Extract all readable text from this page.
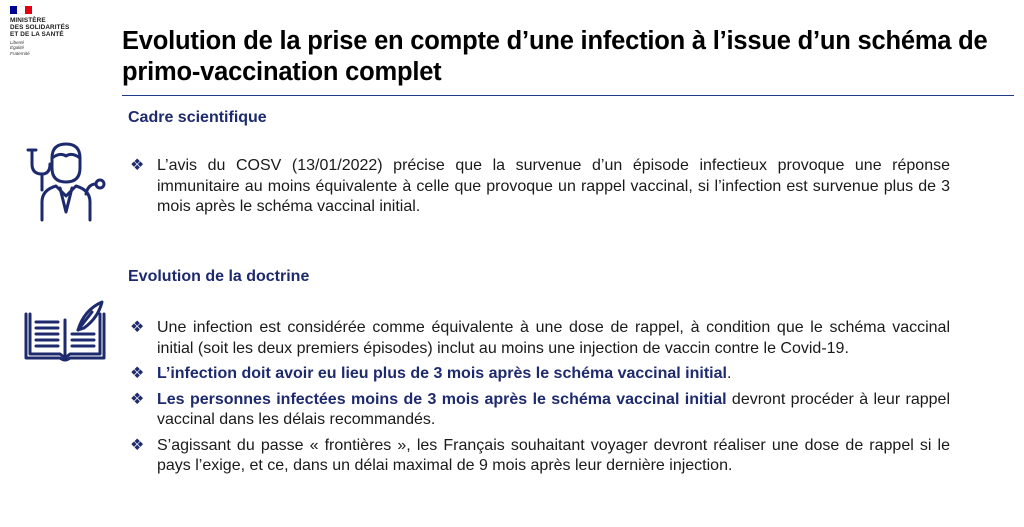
MINISTÈRE
DES SOLIDARITÉS
ET DE LA SANTÉ
Liberté
Égalité
Fraternité	Evolution de la prise en compte d’une infection à l’issue d’un schéma de primo-vaccination complet
Cadre scientifique
❖ L’avis du COSV (13/01/2022) précise que la survenue d’un épisode infectieux provoque une réponse immunitaire au moins équivalente à celle que provoque un rappel vaccinal, si l’infection est survenue plus de 3 mois après le schéma vaccinal initial.
Evolution de la doctrine
❖ Une infection est considérée comme équivalente à une dose de rappel, à condition que le schéma vaccinal initial (soit les deux premiers épisodes) inclut au moins une injection de vaccin contre le Covid-19.
❖ L’infection doit avoir eu lieu plus de 3 mois après le schéma vaccinal initial.
❖ Les personnes infectées moins de 3 mois après le schéma vaccinal initial devront procéder à leur rappel vaccinal dans les délais recommandés.
❖ S’agissant du passe « frontières », les Français souhaitant voyager devront réaliser une dose de rappel si le pays l’exige, et ce, dans un délai maximal de 9 mois après leur dernière injection.
